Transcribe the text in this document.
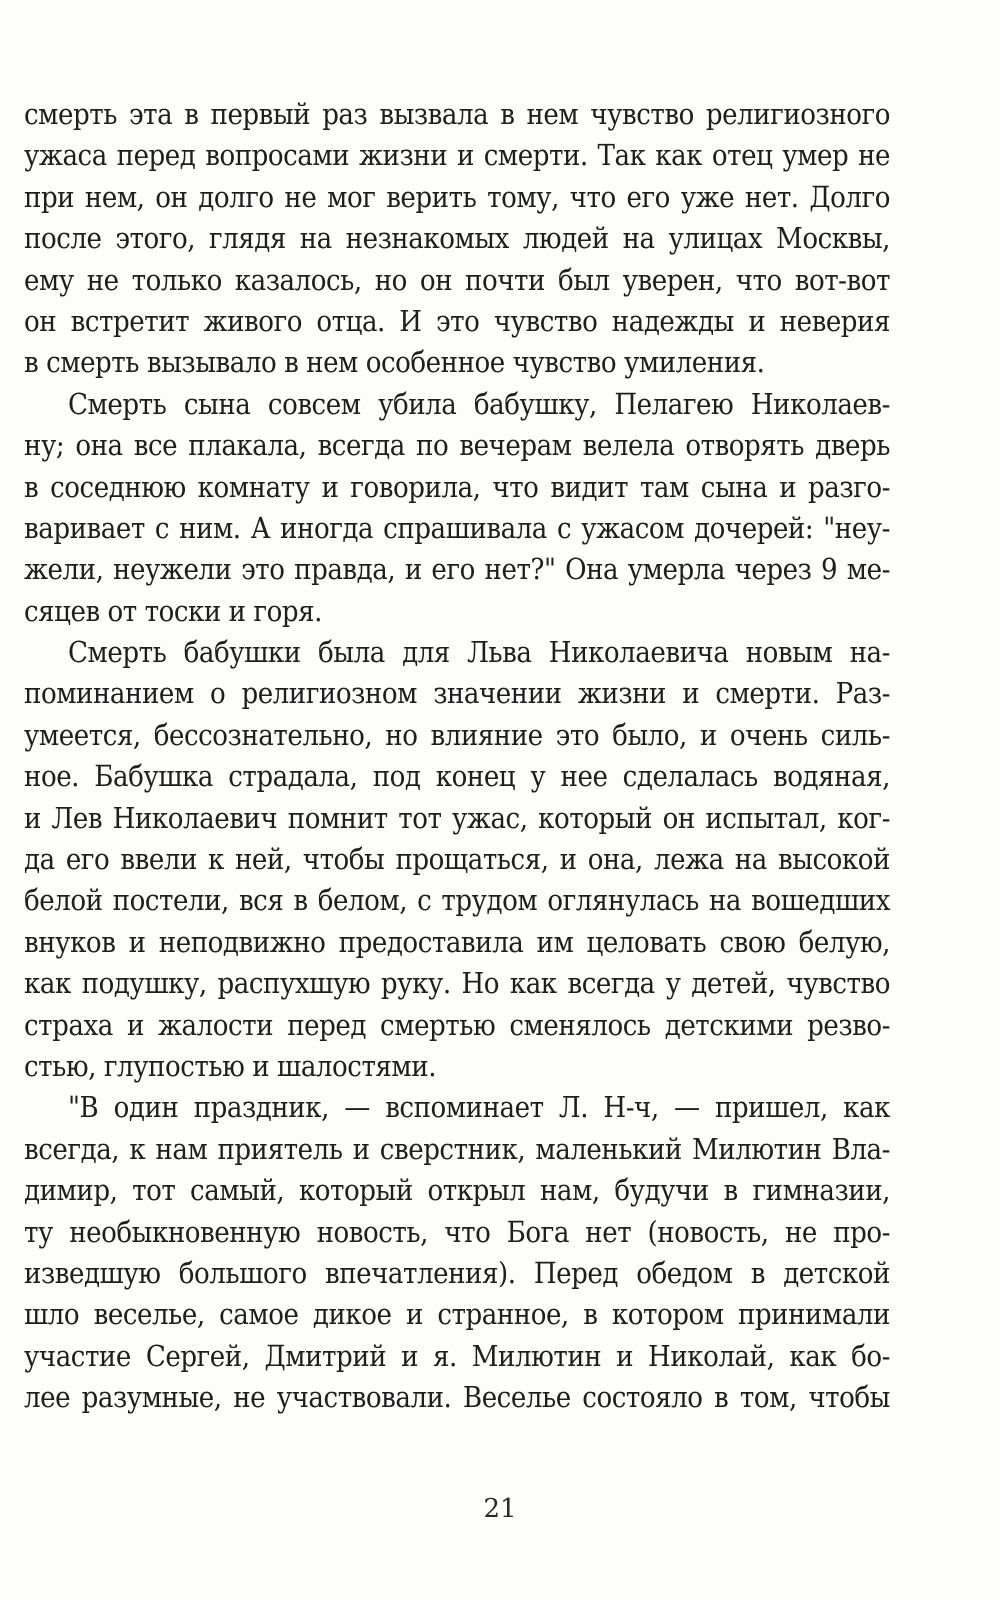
смерть эта в первый раз вызвала в нем чувство религиозного
ужаса перед вопросами жизни и смерти. Так как отец умер не
при нем, он долго не мог верить тому, что его уже нет. Долго
после этого, глядя на незнакомых людей на улицах Москвы,
ему не только казалось, но он почти был уверен, что вот-вот
он встретит живого отца. И это чувство надежды и неверия
в смерть вызывало в нем особенное чувство умиления.
Смерть сына совсем убила бабушку, Пелагею Николаев-
ну; она все плакала, всегда по вечерам велела отворять дверь
в соседнюю комнату и говорила, что видит там сына и разго-
варивает с ним. А иногда спрашивала с ужасом дочерей: "неу-
жели, неужели это правда, и его нет?" Она умерла через 9 ме-
сяцев от тоски и горя.
Смерть бабушки была для Льва Николаевича новым на-
поминанием о религиозном значении жизни и смерти. Раз-
умеется, бессознательно, но влияние это было, и очень силь-
ное. Бабушка страдала, под конец у нее сделалась водяная,
и Лев Николаевич помнит тот ужас, который он испытал, ког-
да его ввели к ней, чтобы прощаться, и она, лежа на высокой
белой постели, вся в белом, с трудом оглянулась на вошедших
внуков и неподвижно предоставила им целовать свою белую,
как подушку, распухшую руку. Но как всегда у детей, чувство
страха и жалости перед смертью сменялось детскими резво-
стью, глупостью и шалостями.
"В один праздник, — вспоминает Л. Н-ч, — пришел, как
всегда, к нам приятель и сверстник, маленький Милютин Вла-
димир, тот самый, который открыл нам, будучи в гимназии,
ту необыкновенную новость, что Бога нет (новость, не про-
изведшую большого впечатления). Перед обедом в детской
шло веселье, самое дикое и странное, в котором принимали
участие Сергей, Дмитрий и я. Милютин и Николай, как бо-
лее разумные, не участвовали. Веселье состояло в том, чтобы
21
